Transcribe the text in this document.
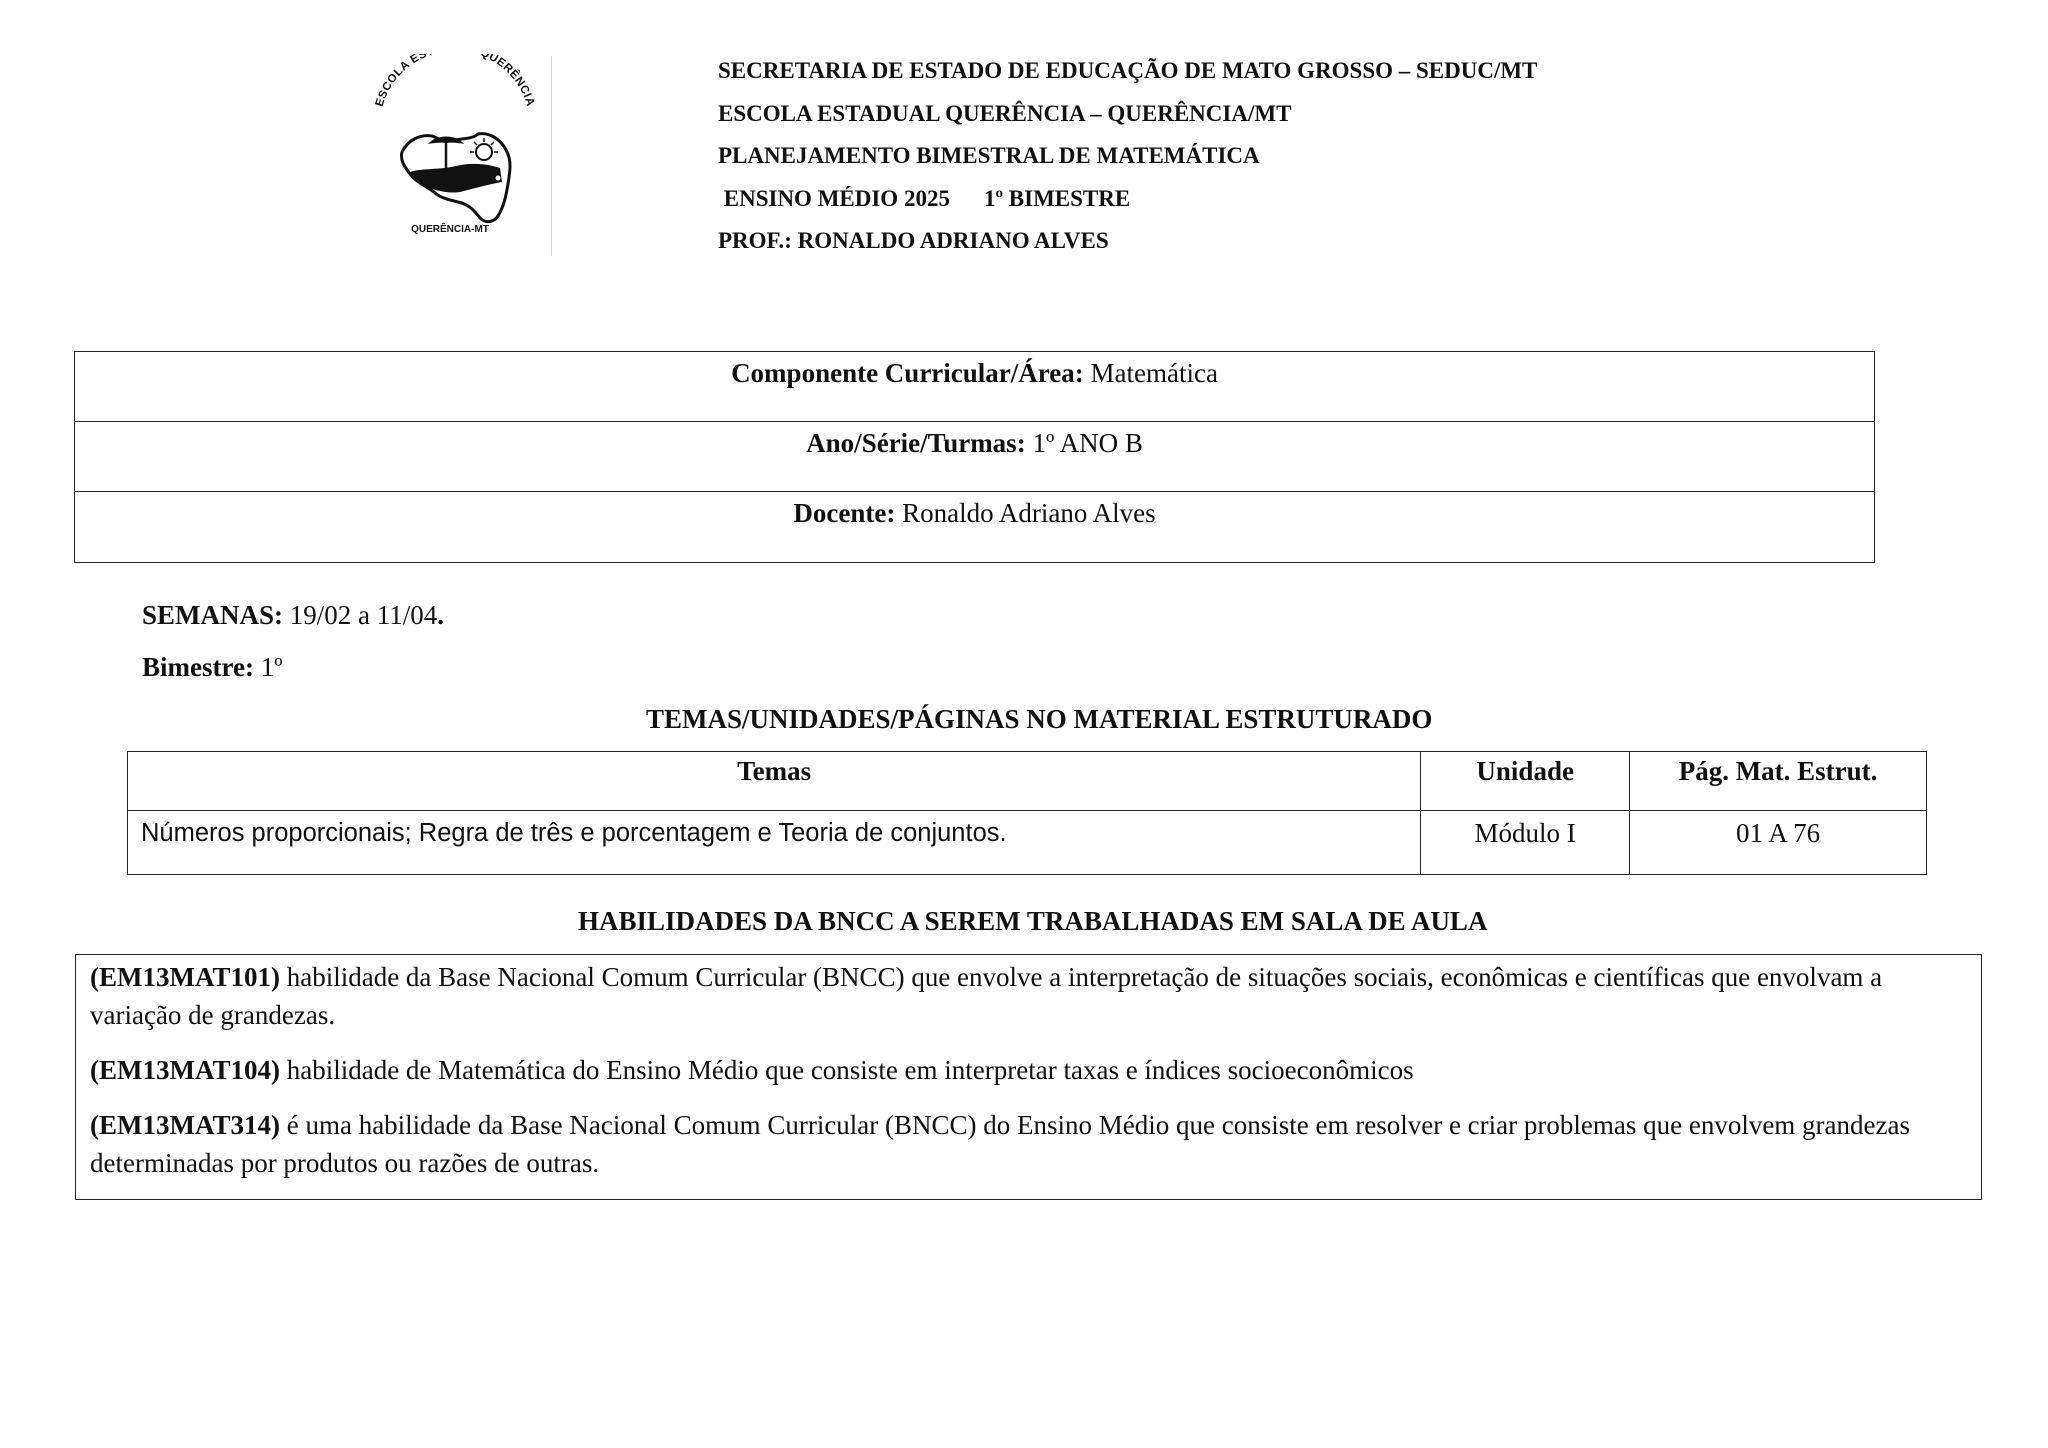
ESCOLA ES QUERÊNCIA
QUERÊNCIA-MT
SECRETARIA DE ESTADO DE EDUCAÇÃO DE MATO GROSSO – SEDUC/MT
ESCOLA ESTADUAL QUERÊNCIA – QUERÊNCIA/MT
PLANEJAMENTO BIMESTRAL DE MATEMÁTICA
ENSINO MÉDIO 2025 1º BIMESTRE
PROF.: RONALDO ADRIANO ALVES
Componente Curricular/Área: Matemática
Ano/Série/Turmas: 1º ANO B
Docente: Ronaldo Adriano Alves
SEMANAS: 19/02 a 11/04.
Bimestre: 1º
TEMAS/UNIDADES/PÁGINAS NO MATERIAL ESTRUTURADO
Temas	Unidade	Pág. Mat. Estrut.
Números proporcionais; Regra de três e porcentagem e Teoria de conjuntos.	Módulo I	01 A 76
HABILIDADES DA BNCC A SEREM TRABALHADAS EM SALA DE AULA

(EM13MAT101) habilidade da Base Nacional Comum Curricular (BNCC) que envolve a interpretação de situações sociais, econômicas e científicas que envolvam a variação de grandezas.

(EM13MAT104) habilidade de Matemática do Ensino Médio que consiste em interpretar taxas e índices socioeconômicos

(EM13MAT314) é uma habilidade da Base Nacional Comum Curricular (BNCC) do Ensino Médio que consiste em resolver e criar problemas que envolvem grandezas determinadas por produtos ou razões de outras.
